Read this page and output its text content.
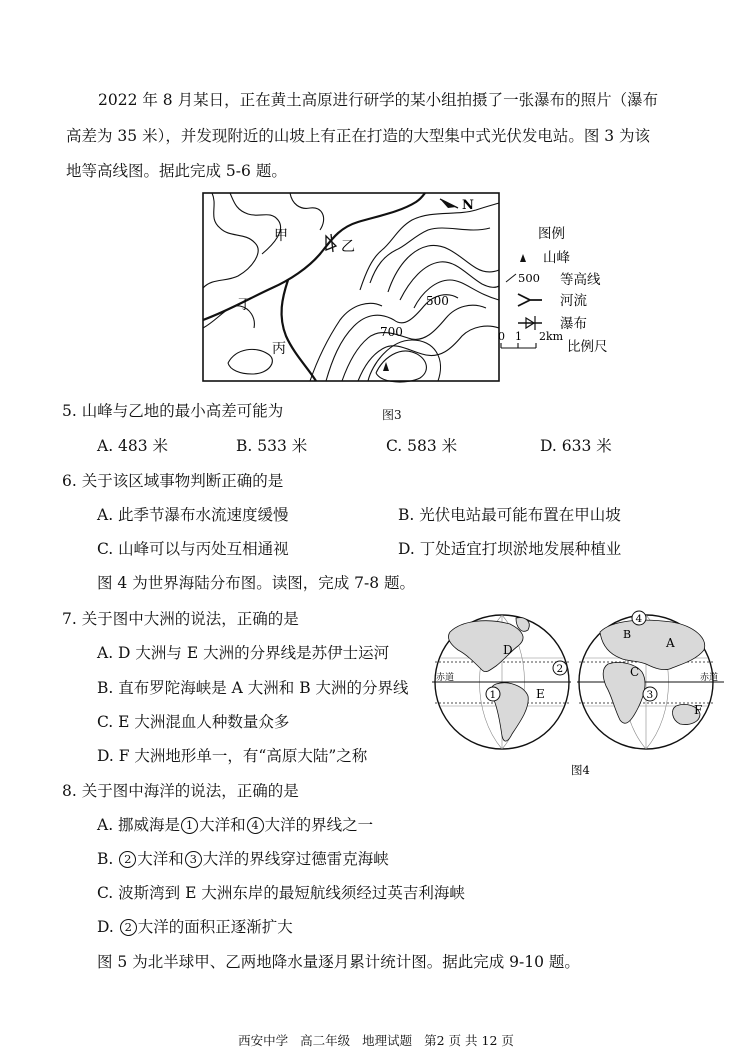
2022 年 8 月某日，正在黄土高原进行研学的某小组拍摄了一张瀑布的照片（瀑布
高差为 35 米），并发现附近的山坡上有正在打造的大型集中式光伏发电站。图 3 为该
地等高线图。据此完成 5-6 题。
N
甲
乙
丙
丁	500
700
图例
山峰
500 等高线
河流
瀑布
0 1 2km
比例尺
5. 山峰与乙地的最小高差可能为	图3
A. 483 米	B. 533 米	C. 583 米	D. 633 米
6. 关于该区域事物判断正确的是
A. 此季节瀑布水流速度缓慢	B. 光伏电站最可能布置在甲山坡
C. 山峰可以与丙处互相通视	D. 丁处适宜打坝淤地发展种植业
图 4 为世界海陆分布图。读图，完成 7-8 题。
7. 关于图中大洲的说法，正确的是
A. D 大洲与 E 大洲的分界线是苏伊士运河
B. 直布罗陀海峡是 A 大洲和 B 大洲的分界线
C. E 大洲混血人种数量众多
D. F 大洲地形单一，有“高原大陆”之称
D
E
A
B
C
F
赤道	赤道
1
2
3
4
图4
8. 关于图中海洋的说法，正确的是
A. 挪威海是 1 大洋和 4 大洋的界线之一
B. 2 大洋和 3 大洋的界线穿过德雷克海峡
C. 波斯湾到 E 大洲东岸的最短航线须经过英吉利海峡
D. 2 大洋的面积正逐渐扩大
图 5 为北半球甲、乙两地降水量逐月累计统计图。据此完成 9-10 题。
西安中学 高二年级 地理试题 第2 页 共 12 页
